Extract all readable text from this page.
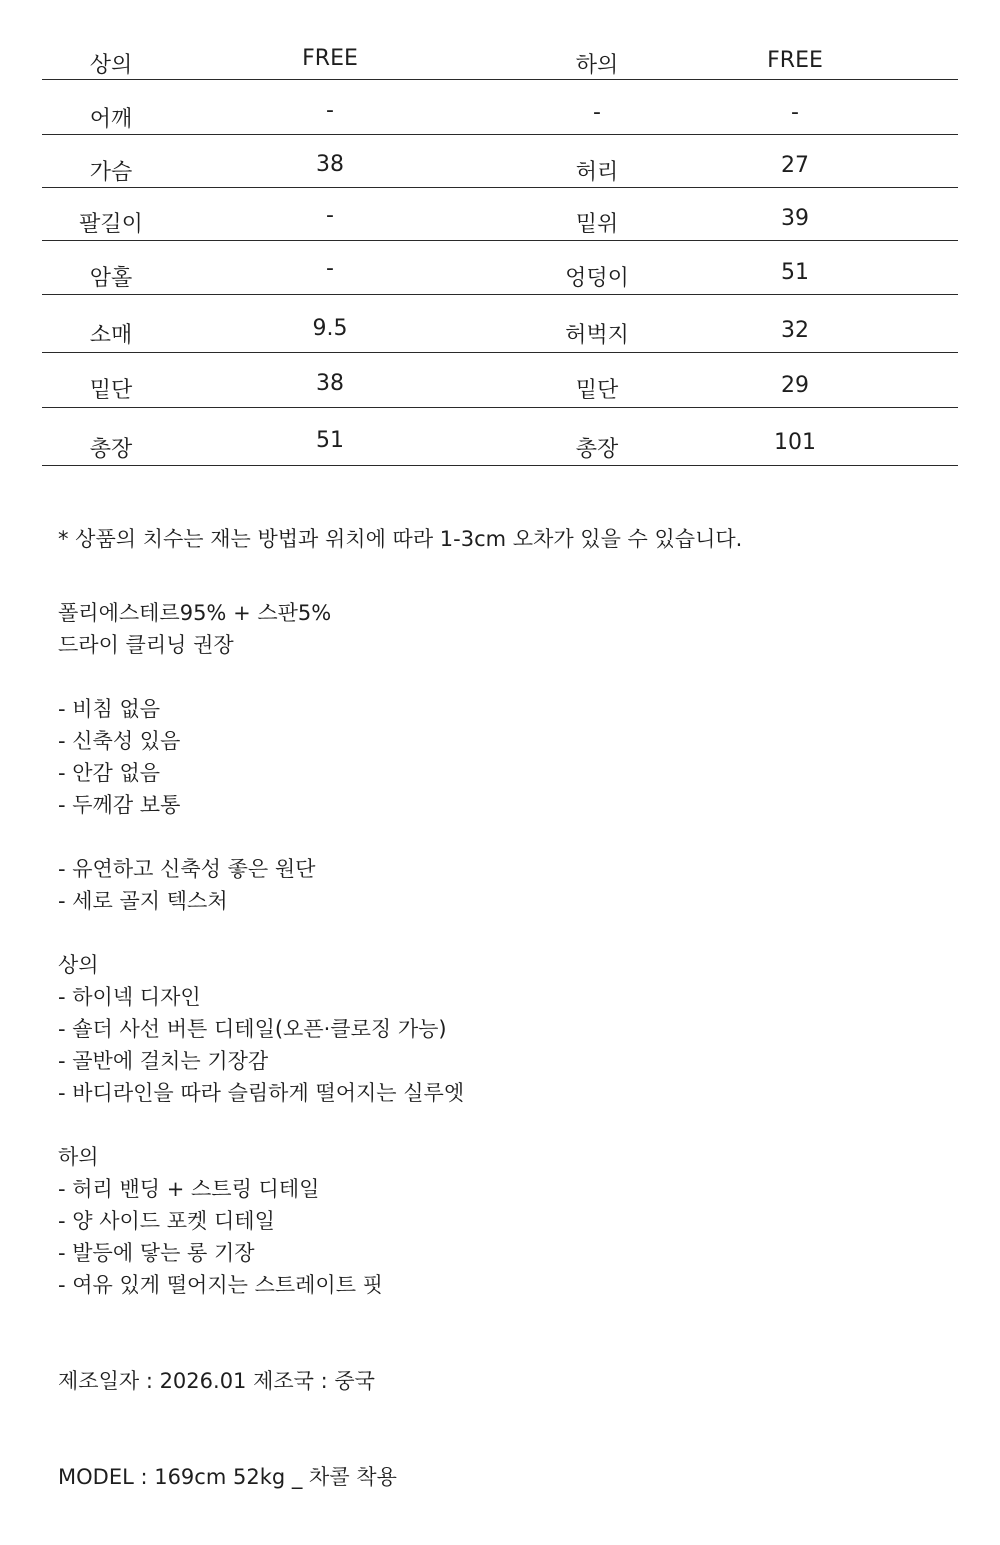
상의	FREE	하의	FREE
어깨	-	-	-
가슴	38	허리	27
팔길이	-	밑위	39
암홀	-	엉덩이	51
소매	9.5	허벅지	32
밑단	38	밑단	29
총장	51	총장	101
* 상품의 치수는 재는 방법과 위치에 따라 1-3cm 오차가 있을 수 있습니다.
폴리에스테르95% + 스판5%
드라이 클리닝 권장
- 비침 없음
- 신축성 있음
- 안감 없음
- 두께감 보통
- 유연하고 신축성 좋은 원단
- 세로 골지 텍스처
상의
- 하이넥 디자인
- 숄더 사선 버튼 디테일(오픈·클로징 가능)
- 골반에 걸치는 기장감
- 바디라인을 따라 슬림하게 떨어지는 실루엣
하의
- 허리 밴딩 + 스트링 디테일
- 양 사이드 포켓 디테일
- 발등에 닿는 롱 기장
- 여유 있게 떨어지는 스트레이트 핏
제조일자 : 2026.01 제조국 : 중국
MODEL : 169cm 52kg _ 차콜 착용
